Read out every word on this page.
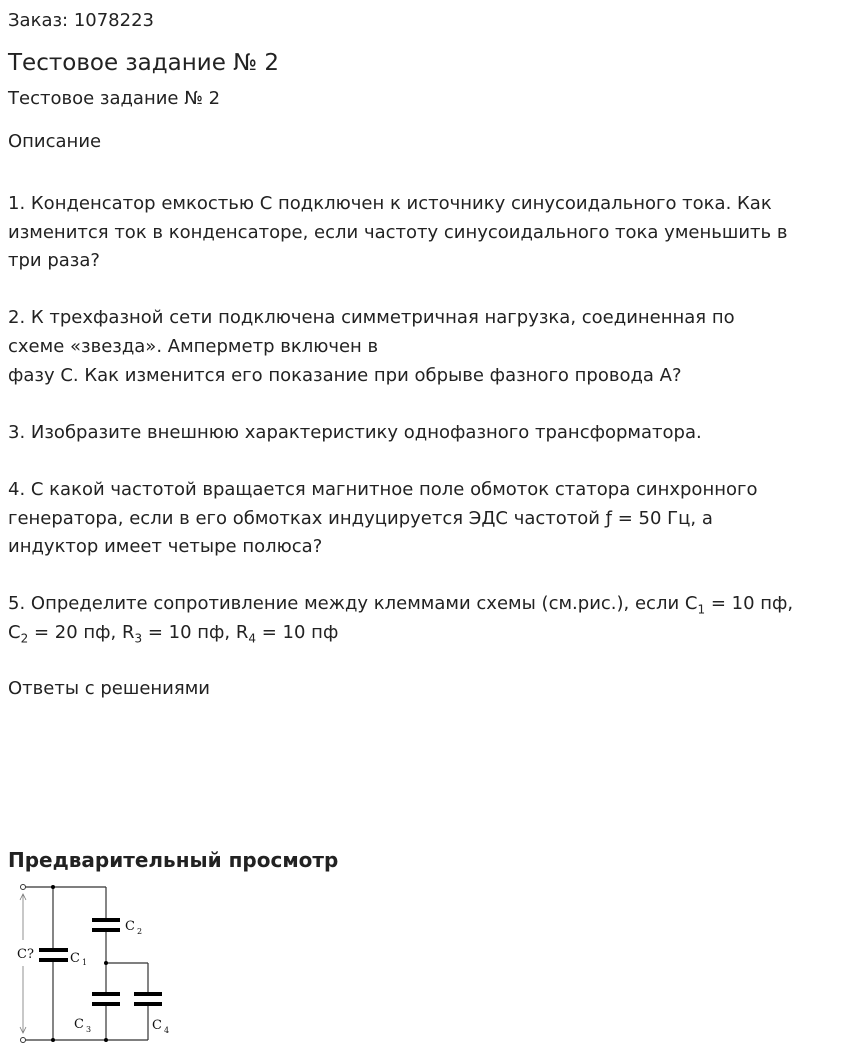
Заказ: 1078223
Тестовое задание № 2
Тестовое задание № 2
Описание
1. Конденсатор емкостью С подключен к источнику синусоидального тока. Как
изменится ток в конденсаторе, если частоту синусоидального тока уменьшить в
три раза?
2. К трехфазной сети подключена симметричная нагрузка, соединенная по
схеме «звезда». Амперметр включен в
фазу С. Как изменится его показание при обрыве фазного провода А?
3. Изобразите внешнюю характеристику однофазного трансформатора.
4. С какой частотой вращается магнитное поле обмоток статора синхронного
генератора, если в его обмотках индуцируется ЭДС частотой ƒ = 50 Гц, а
индуктор имеет четыре полюса?
5. Определите сопротивление между клеммами схемы (см.рис.), если $C_1 = 10$ пф,
$C_2 = 20$ пф, $R_3 = 10$ пф, $R_4 = 10$ пф
Ответы с решениями
Предварительный просмотр
C?	C 1
C 2
C 3	C 4
